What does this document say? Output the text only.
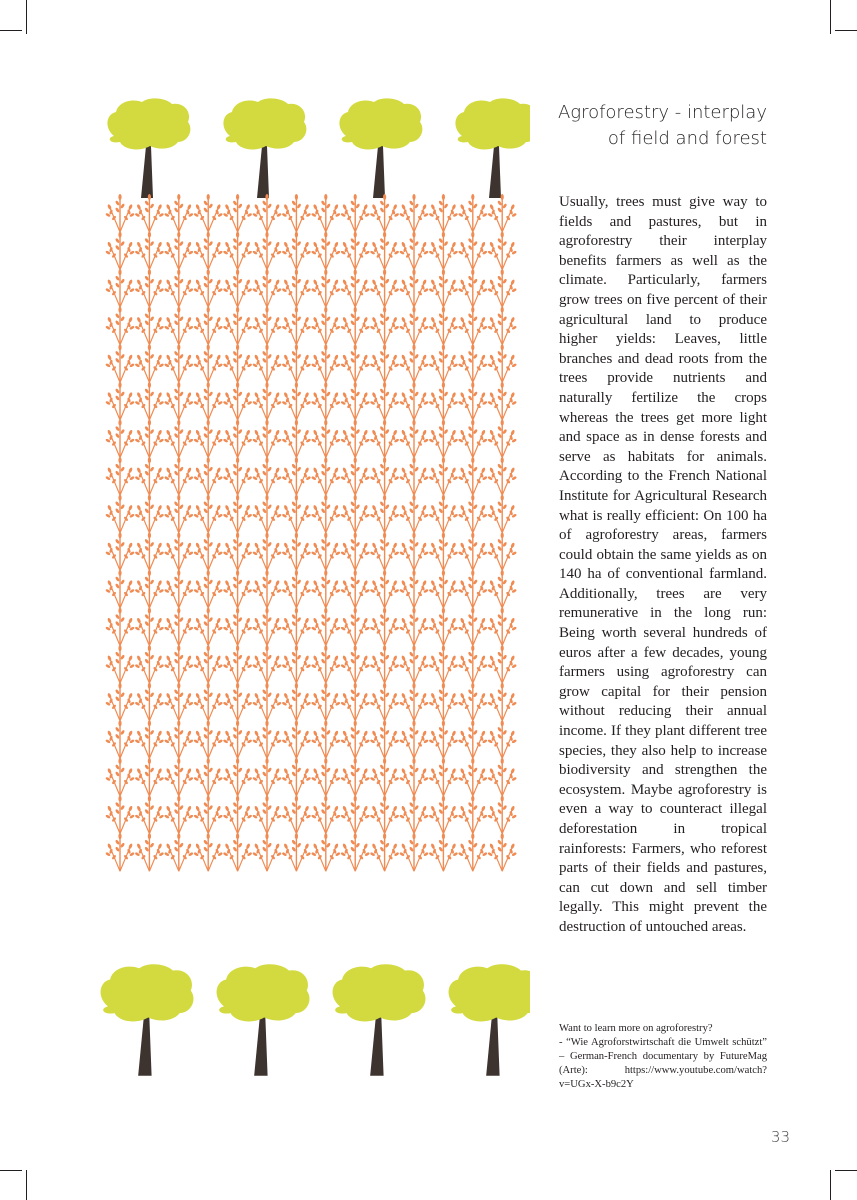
Agroforestry - interplay of field and forest
Usually, trees must give way to fields and pastures, but in agroforestry their interplay benefits farmers as well as the climate. Particularly, farmers grow trees on five percent of their agricultural land to produce higher yields: Leaves, little branches and dead roots from the trees provide nutrients and naturally fertilize the crops whereas the trees get more light and space as in dense forests and serve as habitats for animals. According to the French National Institute for Agricultural Research what is really efficient: On 100 ha of agroforestry areas, farmers could obtain the same yields as on 140 ha of conventional farmland. Additionally, trees are very remunerative in the long run: Being worth several hundreds of euros after a few decades, young farmers using agroforestry can grow capital for their pension without reducing their annual income. If they plant different tree species, they also help to increase biodiversity and strengthen the ecosystem. Maybe agroforestry is even a way to counteract illegal deforestation in tropical rainforests: Farmers, who reforest parts of their fields and pastures, can cut down and sell timber legally. This might prevent the destruction of untouched areas.

Want to learn more on agroforestry?

- “Wie Agroforstwirtschaft die Umwelt schützt” – German-French documentary by FutureMag (Arte): https://www.youtube.com/watch?v=UGx-X-b9c2Y

33
